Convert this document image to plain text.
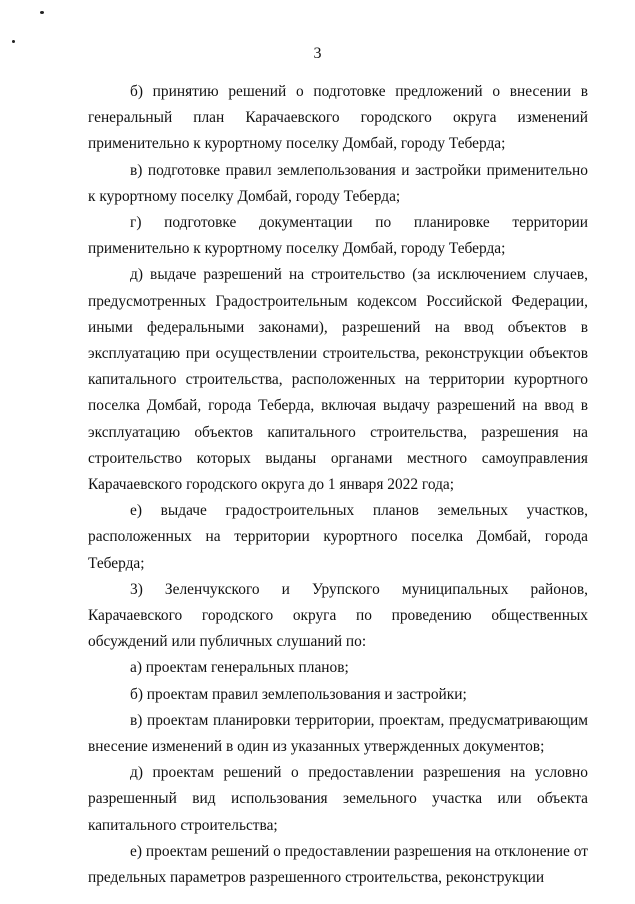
3

б) принятию решений о подготовке предложений о внесении в генеральный план Карачаевского городского округа изменений применительно к курортному поселку Домбай, городу Теберда;

в) подготовке правил землепользования и застройки применительно к курортному поселку Домбай, городу Теберда;

г) подготовке документации по планировке территории применительно к курортному поселку Домбай, городу Теберда;

д) выдаче разрешений на строительство (за исключением случаев, предусмотренных Градостроительным кодексом Российской Федерации, иными федеральными законами), разрешений на ввод объектов в эксплуатацию при осуществлении строительства, реконструкции объектов капитального строительства, расположенных на территории курортного поселка Домбай, города Теберда, включая выдачу разрешений на ввод в эксплуатацию объектов капитального строительства, разрешения на строительство которых выданы органами местного самоуправления Карачаевского городского округа до 1 января 2022 года;

е) выдаче градостроительных планов земельных участков, расположенных на территории курортного поселка Домбай, города Теберда;

3) Зеленчукского и Урупского муниципальных районов, Карачаевского городского округа по проведению общественных обсуждений или публичных слушаний по:

а) проектам генеральных планов;

б) проектам правил землепользования и застройки;

в) проектам планировки территории, проектам, предусматривающим внесение изменений в один из указанных утвержденных документов;

д) проектам решений о предоставлении разрешения на условно разрешенный вид использования земельного участка или объекта капитального строительства;

е) проектам решений о предоставлении разрешения на отклонение от предельных параметров разрешенного строительства, реконструкции
